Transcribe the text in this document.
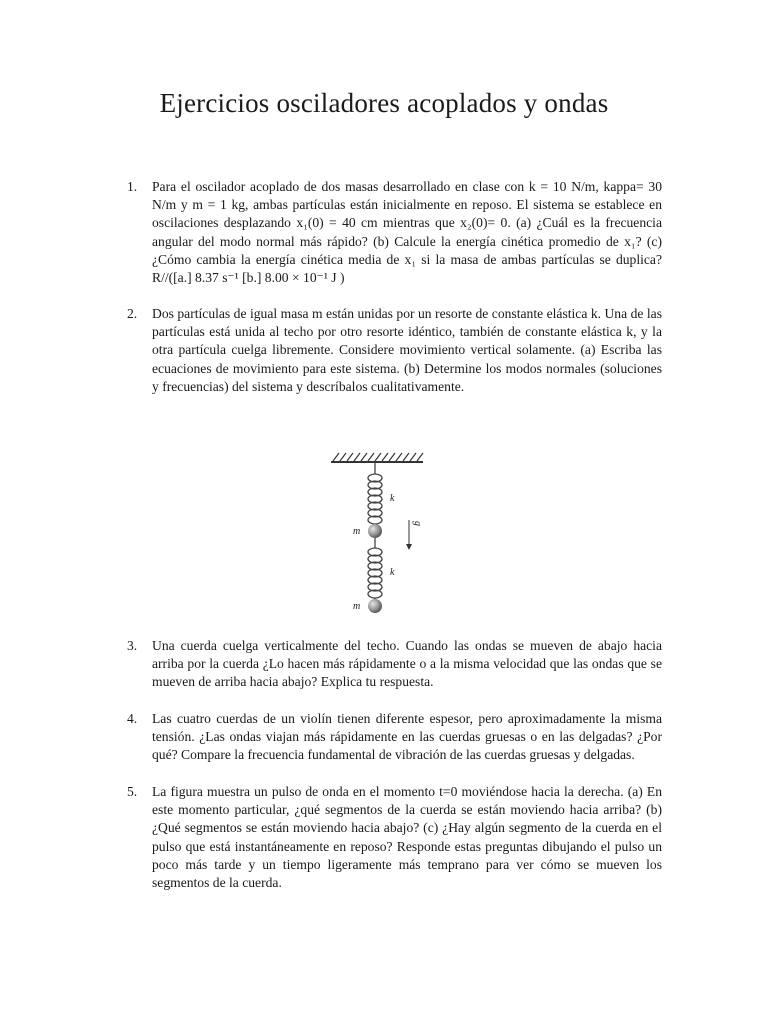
Ejercicios osciladores acoplados y ondas
1. Para el oscilador acoplado de dos masas desarrollado en clase con k = 10 N/m, kappa= 30 N/m y m = 1 kg, ambas partículas están inicialmente en reposo. El sistema se establece en oscilaciones desplazando x₁(0) = 40 cm mientras que x₂(0)= 0. (a) ¿Cuál es la frecuencia angular del modo normal más rápido? (b) Calcule la energía cinética promedio de x₁? (c) ¿Cómo cambia la energía cinética media de x₁ si la masa de ambas partículas se duplica? R//([a.] 8.37 s⁻¹ [b.] 8.00 × 10⁻¹ J )
2. Dos partículas de igual masa m están unidas por un resorte de constante elástica k. Una de las partículas está unida al techo por otro resorte idéntico, también de constante elástica k, y la otra partícula cuelga libremente. Considere movimiento vertical solamente. (a) Escriba las ecuaciones de movimiento para este sistema. (b) Determine los modos normales (soluciones y frecuencias) del sistema y descríbalos cualitativamente.
k
m	g⃗
k
m
3. Una cuerda cuelga verticalmente del techo. Cuando las ondas se mueven de abajo hacia arriba por la cuerda ¿Lo hacen más rápidamente o a la misma velocidad que las ondas que se mueven de arriba hacia abajo? Explica tu respuesta.
4. Las cuatro cuerdas de un violín tienen diferente espesor, pero aproximadamente la misma tensión. ¿Las ondas viajan más rápidamente en las cuerdas gruesas o en las delgadas? ¿Por qué? Compare la frecuencia fundamental de vibración de las cuerdas gruesas y delgadas.
5. La figura muestra un pulso de onda en el momento t=0 moviéndose hacia la derecha. (a) En este momento particular, ¿qué segmentos de la cuerda se están moviendo hacia arriba? (b) ¿Qué segmentos se están moviendo hacia abajo? (c) ¿Hay algún segmento de la cuerda en el pulso que está instantáneamente en reposo? Responde estas preguntas dibujando el pulso un poco más tarde y un tiempo ligeramente más temprano para ver cómo se mueven los segmentos de la cuerda.
